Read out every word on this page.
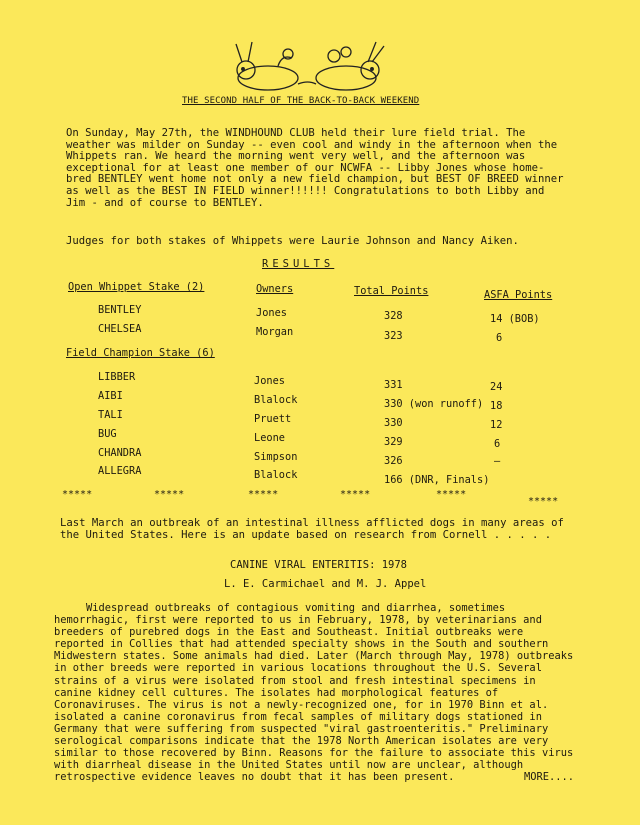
THE SECOND HALF OF THE BACK-TO-BACK WEEKEND
On Sunday, May 27th, the WINDHOUND CLUB held their lure field trial. The weather was milder on Sunday -- even cool and windy in the afternoon when the Whippets ran. We heard the morning went very well, and the afternoon was exceptional for at least one member of our NCWFA -- Libby Jones whose home-bred BENTLEY went home not only a new field champion, but BEST OF BREED winner as well as the BEST IN FIELD winner!!!!!! Congratulations to both Libby and Jim - and of course to BENTLEY.
Judges for both stakes of Whippets were Laurie Johnson and Nancy Aiken.
RESULTS
Open Whippet Stake (2)	Owners	Total Points	ASFA Points
BENTLEY	Jones	328	14 (BOB)
CHELSEA	Morgan	323	6
Field Champion Stake (6)
LIBBER	Jones	331	24
AIBI	Blalock	330 (won runoff) 18
TALI	Pruett	330	12
BUG	Leone	329	6
CHANDRA	Simpson	326	–
ALLEGRA	Blalock	166 (DNR, Finals)
*****	*****	*****	*****	*****
*****
Last March an outbreak of an intestinal illness afflicted dogs in many areas of the United States. Here is an update based on research from Cornell . . . . .
CANINE VIRAL ENTERITIS: 1978
L. E. Carmichael and M. J. Appel
Widespread outbreaks of contagious vomiting and diarrhea, sometimes hemorrhagic, first were reported to us in February, 1978, by veterinarians and breeders of purebred dogs in the East and Southeast. Initial outbreaks were reported in Collies that had attended specialty shows in the South and southern Midwestern states. Some animals had died. Later (March through May, 1978) outbreaks in other breeds were reported in various locations throughout the U.S. Several strains of a virus were isolated from stool and fresh intestinal specimens in canine kidney cell cultures. The isolates had morphological features of Coronaviruses. The virus is not a newly-recognized one, for in 1970 Binn et al. isolated a canine coronavirus from fecal samples of military dogs stationed in Germany that were suffering from suspected "viral gastroenteritis." Preliminary serological comparisons indicate that the 1978 North American isolates are very similar to those recovered by Binn. Reasons for the failure to associate this virus with diarrheal disease in the United States until now are unclear, although retrospective evidence leaves no doubt that it has been present.	MORE....
